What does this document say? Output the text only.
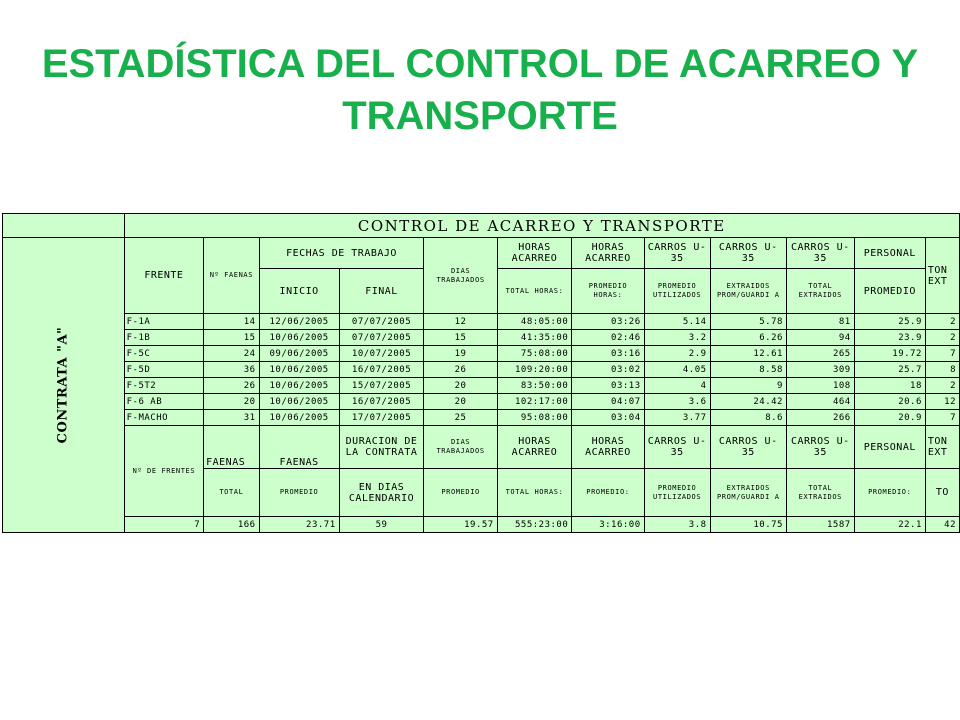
ESTADÍSTICA DEL CONTROL DE ACARREO Y TRANSPORTE
	CONTROL DE ACARREO Y TRANSPORTE											
CONTRATA "A"	FRENTE	Nº FAENAS	FECHAS DE TRABAJO		DIAS TRABAJADOS	HORAS ACARREO	HORAS ACARREO	CARROS U-35	CARROS U-35	CARROS U-35	PERSONAL	TON EXT
			INICIO	FINAL		TOTAL HORAS:	PROMEDIO HORAS:	PROMEDIO UTILIZADOS	EXTRAIDOS PROM/GUARDI A	TOTAL EXTRAIDOS	PROMEDIO	
	F-1A	14	12/06/2005	07/07/2005	12	48:05:00	03:26	5.14	5.78	81	25.9	2
	F-1B	15	10/06/2005	07/07/2005	15	41:35:00	02:46	3.2	6.26	94	23.9	2
	F-5C	24	09/06/2005	10/07/2005	19	75:08:00	03:16	2.9	12.61	265	19.72	7
	F-5D	36	10/06/2005	16/07/2005	26	109:20:00	03:02	4.05	8.58	309	25.7	8
	F-5T2	26	10/06/2005	15/07/2005	20	83:50:00	03:13	4	9	108	18	2
	F-6 AB	20	10/06/2005	16/07/2005	20	102:17:00	04:07	3.6	24.42	464	20.6	12
	F-MACHO	31	10/06/2005	17/07/2005	25	95:08:00	03:04	3.77	8.6	266	20.9	7
	Nº DE FRENTES	FAENAS	FAENAS	DURACION DE LA CONTRATA	DIAS TRABAJADOS	HORAS ACARREO	HORAS ACARREO	CARROS U-35	CARROS U-35	CARROS U-35	PERSONAL	TON EXT
		TOTAL	PROMEDIO	EN DIAS CALENDARIO	PROMEDIO	TOTAL HORAS:	PROMEDIO:	PROMEDIO UTILIZADOS	EXTRAIDOS PROM/GUARDI A	TOTAL EXTRAIDOS	PROMEDIO:	TO
	7	166	23.71	59	19.57	555:23:00	3:16:00	3.8	10.75	1587	22.1	42
